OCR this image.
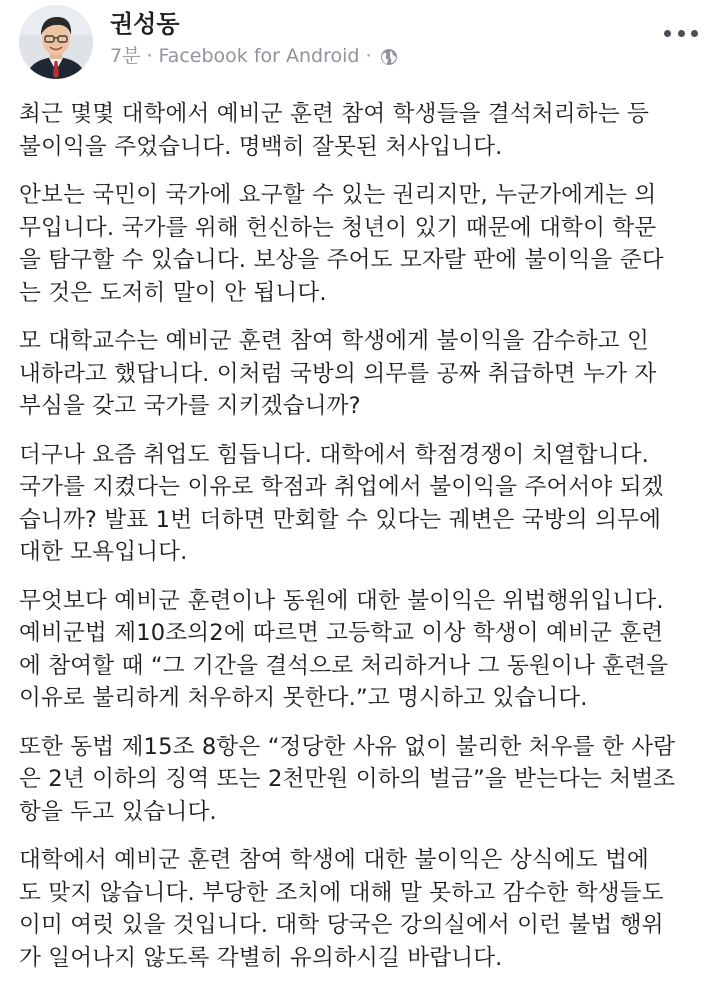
권성동
7분 · Facebook for Android ·

최근 몇몇 대학에서 예비군 훈련 참여 학생들을 결석처리하는 등
불이익을 주었습니다. 명백히 잘못된 처사입니다.

안보는 국민이 국가에 요구할 수 있는 권리지만, 누군가에게는 의
무입니다. 국가를 위해 헌신하는 청년이 있기 때문에 대학이 학문
을 탐구할 수 있습니다. 보상을 주어도 모자랄 판에 불이익을 준다
는 것은 도저히 말이 안 됩니다.

모 대학교수는 예비군 훈련 참여 학생에게 불이익을 감수하고 인
내하라고 했답니다. 이처럼 국방의 의무를 공짜 취급하면 누가 자
부심을 갖고 국가를 지키겠습니까?

더구나 요즘 취업도 힘듭니다. 대학에서 학점경쟁이 치열합니다.
국가를 지켰다는 이유로 학점과 취업에서 불이익을 주어서야 되겠
습니까? 발표 1번 더하면 만회할 수 있다는 궤변은 국방의 의무에
대한 모욕입니다.

무엇보다 예비군 훈련이나 동원에 대한 불이익은 위법행위입니다.
예비군법 제10조의2에 따르면 고등학교 이상 학생이 예비군 훈련
에 참여할 때 “그 기간을 결석으로 처리하거나 그 동원이나 훈련을
이유로 불리하게 처우하지 못한다.”고 명시하고 있습니다.

또한 동법 제15조 8항은 “정당한 사유 없이 불리한 처우를 한 사람
은 2년 이하의 징역 또는 2천만원 이하의 벌금”을 받는다는 처벌조
항을 두고 있습니다.

대학에서 예비군 훈련 참여 학생에 대한 불이익은 상식에도 법에
도 맞지 않습니다. 부당한 조치에 대해 말 못하고 감수한 학생들도
이미 여럿 있을 것입니다. 대학 당국은 강의실에서 이런 불법 행위
가 일어나지 않도록 각별히 유의하시길 바랍니다.
